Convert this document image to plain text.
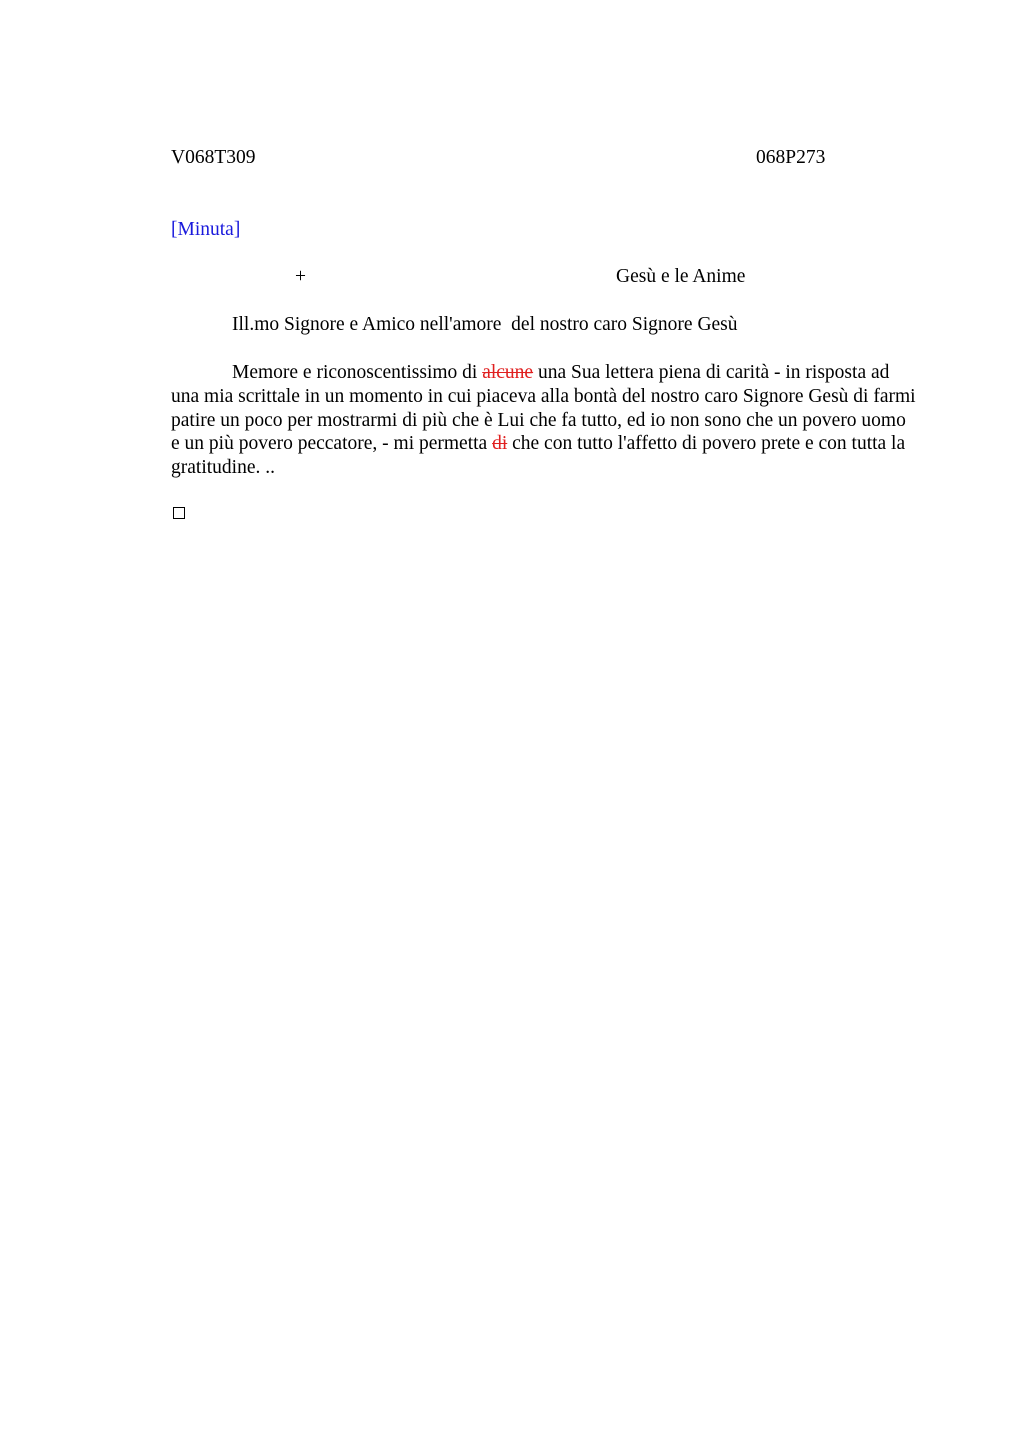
V068T309	068P273
[Minuta]
+	Gesù e le Anime
Ill.mo Signore e Amico nell'amore  del nostro caro Signore Gesù
Memore e riconoscentissimo di alcune una Sua lettera piena di carità - in risposta ad una mia scrittale in un momento in cui piaceva alla bontà del nostro caro Signore Gesù di farmi patire un poco per mostrarmi di più che è Lui che fa tutto, ed io non sono che un povero uomo e un più povero peccatore, - mi permetta di che con tutto l'affetto di povero prete e con tutta la gratitudine. ..
